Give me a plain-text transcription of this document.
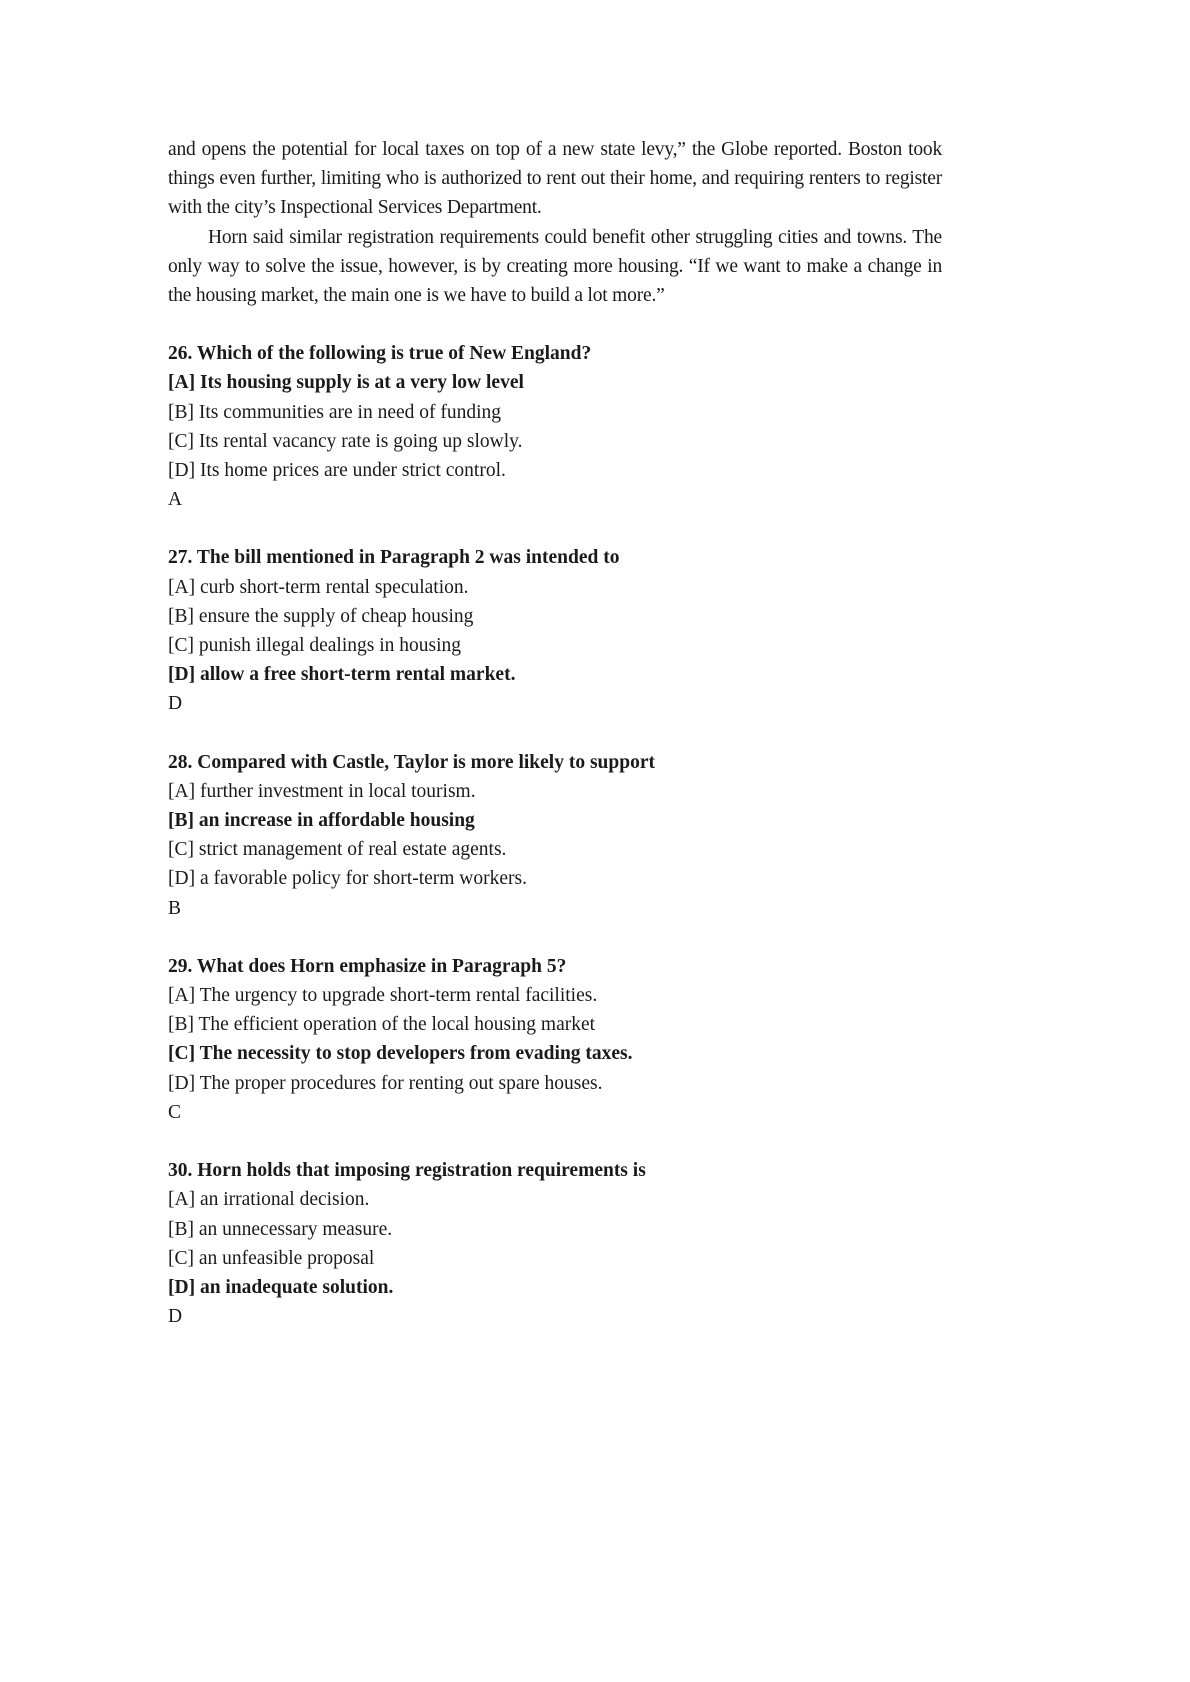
and opens the potential for local taxes on top of a new state levy,” the Globe reported. Boston took things even further, limiting who is authorized to rent out their home, and requiring renters to register with the city’s Inspectional Services Department.

Horn said similar registration requirements could benefit other struggling cities and towns. The only way to solve the issue, however, is by creating more housing. “If we want to make a change in the housing market, the main one is we have to build a lot more.”

26. Which of the following is true of New England?

[A] Its housing supply is at a very low level

[B] Its communities are in need of funding

[C] Its rental vacancy rate is going up slowly.

[D] Its home prices are under strict control.

A

27. The bill mentioned in Paragraph 2 was intended to

[A] curb short-term rental speculation.

[B] ensure the supply of cheap housing

[C] punish illegal dealings in housing

[D] allow a free short-term rental market.

D

28. Compared with Castle, Taylor is more likely to support

[A] further investment in local tourism.

[B] an increase in affordable housing

[C] strict management of real estate agents.

[D] a favorable policy for short-term workers.

B

29. What does Horn emphasize in Paragraph 5?

[A] The urgency to upgrade short-term rental facilities.

[B] The efficient operation of the local housing market

[C] The necessity to stop developers from evading taxes.

[D] The proper procedures for renting out spare houses.

C

30. Horn holds that imposing registration requirements is

[A] an irrational decision.

[B] an unnecessary measure.

[C] an unfeasible proposal

[D] an inadequate solution.

D
